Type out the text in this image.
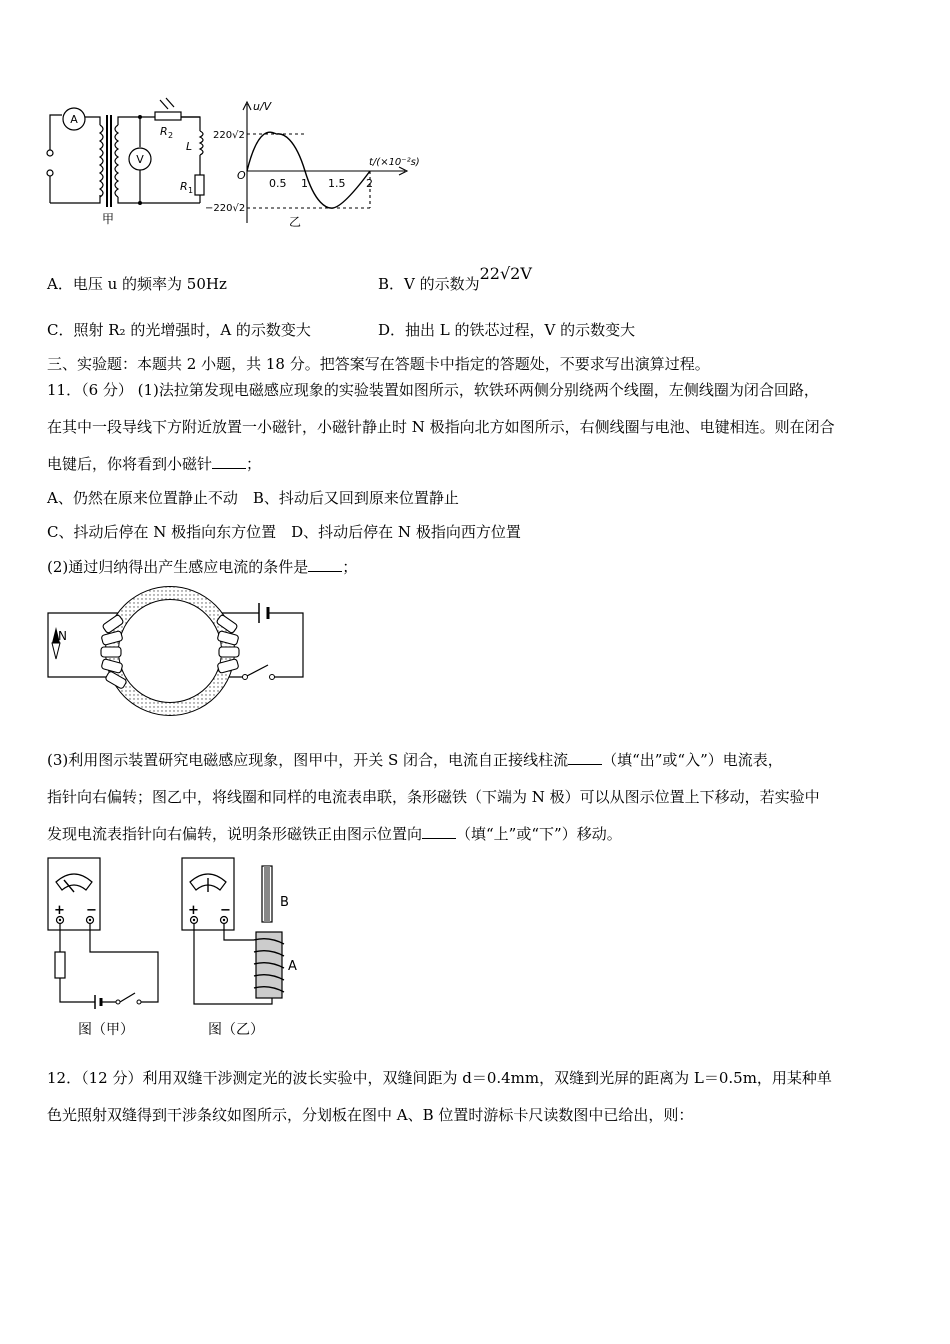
A
V
R 2
L
R 1
甲
u/V
t/(×10⁻²s)
O
0.5 1 1.5 2
220√2
−220√2
乙
A．电压 u 的频率为 50Hz	B．V 的示数为22√2V
C．照射 R₂ 的光增强时，A 的示数变大	D．抽出 L 的铁芯过程，V 的示数变大
三、实验题：本题共 2 小题，共 18 分。把答案写在答题卡中指定的答题处，不要求写出演算过程。
11．（6 分） (1)法拉第发现电磁感应现象的实验装置如图所示，软铁环两侧分别绕两个线圈，左侧线圈为闭合回路，
在其中一段导线下方附近放置一小磁针，小磁针静止时 N 极指向北方如图所示，右侧线圈与电池、电键相连。则在闭合
电键后，你将看到小磁针 ；
A、仍然在原来位置静止不动　B、抖动后又回到原来位置静止
C、抖动后停在 N 极指向东方位置　D、抖动后停在 N 极指向西方位置
(2)通过归纳得出产生感应电流的条件是 ；
N
(3)利用图示装置研究电磁感应现象，图甲中，开关 S 闭合，电流自正接线柱流 （填“出”或“入”）电流表，
指针向右偏转；图乙中，将线圈和同样的电流表串联，条形磁铁（下端为 N 极）可以从图示位置上下移动，若实验中
发现电流表指针向右偏转，说明条形磁铁正由图示位置向 （填“上”或“下”）移动。
+ −	+ −
B
A
图（甲）	图（乙）
12．（12 分）利用双缝干涉测定光的波长实验中，双缝间距为 d＝0.4mm，双缝到光屏的距离为 L＝0.5m，用某种单
色光照射双缝得到干涉条纹如图所示，分划板在图中 A、B 位置时游标卡尺读数图中已给出，则：
